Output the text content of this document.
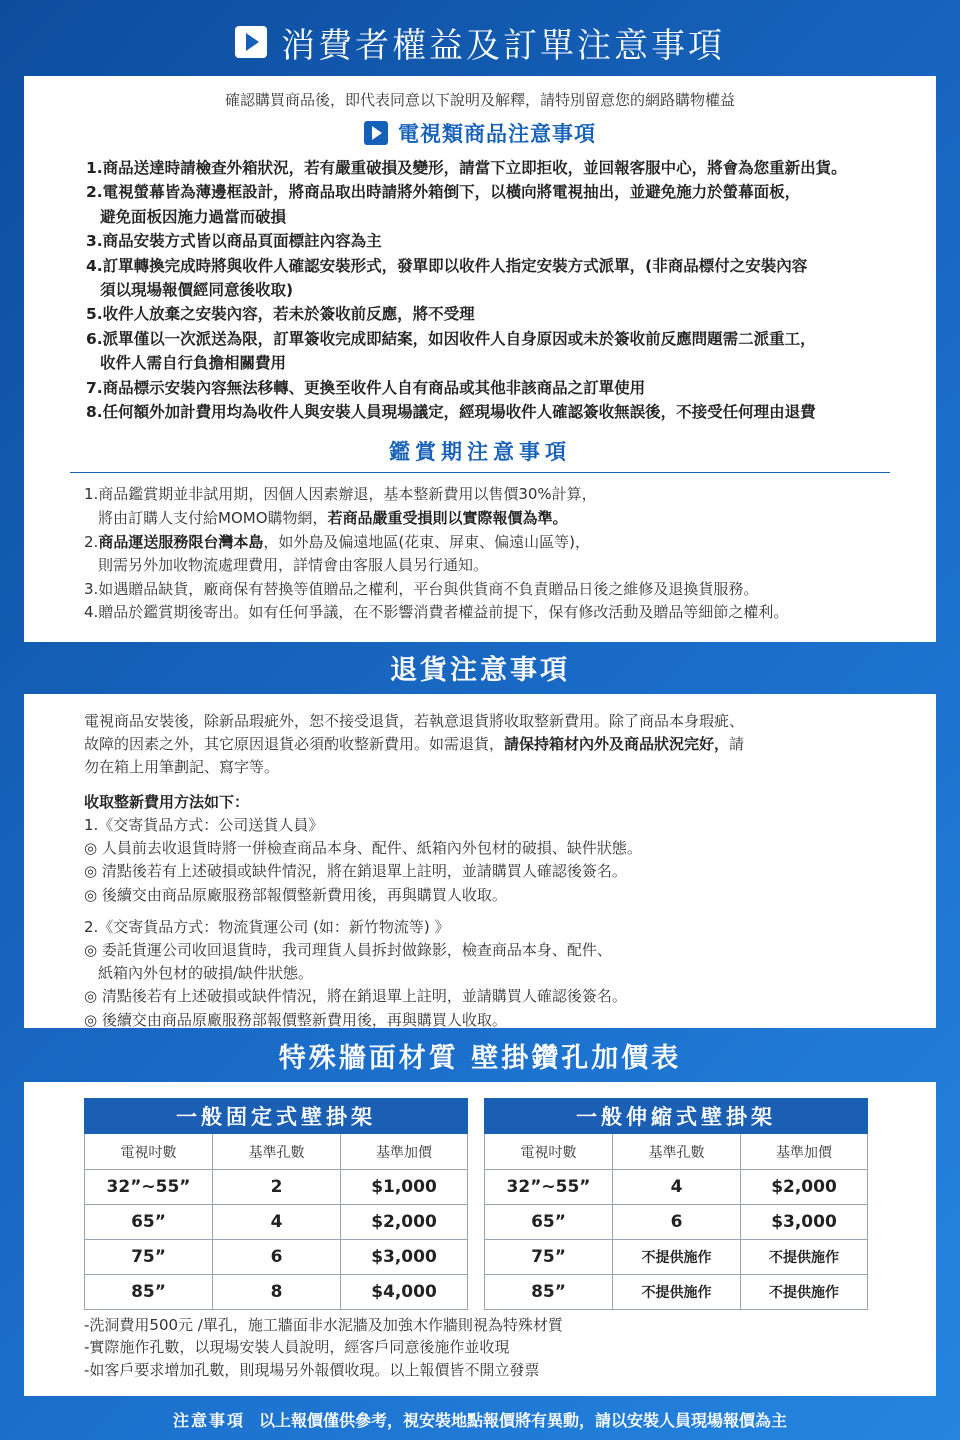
消費者權益及訂單注意事項
確認購買商品後，即代表同意以下說明及解釋，請特別留意您的網路購物權益
電視類商品注意事項
1.商品送達時請檢查外箱狀況，若有嚴重破損及變形，請當下立即拒收，並回報客服中心，將會為您重新出貨。
2.電視螢幕皆為薄邊框設計，將商品取出時請將外箱倒下，以橫向將電視抽出，並避免施力於螢幕面板，
避免面板因施力過當而破損
3.商品安裝方式皆以商品頁面標註內容為主
4.訂單轉換完成時將與收件人確認安裝形式，發單即以收件人指定安裝方式派單，(非商品標付之安裝內容
須以現場報價經同意後收取)
5.收件人放棄之安裝內容，若未於簽收前反應，將不受理
6.派單僅以一次派送為限，訂單簽收完成即結案，如因收件人自身原因或未於簽收前反應問題需二派重工，
收件人需自行負擔相關費用
7.商品標示安裝內容無法移轉、更換至收件人自有商品或其他非該商品之訂單使用
8.任何額外加計費用均為收件人與安裝人員現場議定，經現場收件人確認簽收無誤後，不接受任何理由退費
鑑賞期注意事項
1.商品鑑賞期並非試用期，因個人因素辦退，基本整新費用以售價30%計算，
將由訂購人支付給MOMO購物網，若商品嚴重受損則以實際報價為準。
2.商品運送服務限台灣本島，如外島及偏遠地區(花東、屏東、偏遠山區等)，
則需另外加收物流處理費用，詳情會由客服人員另行通知。
3.如遇贈品缺貨，廠商保有替換等值贈品之權利，平台與供貨商不負責贈品日後之維修及退換貨服務。
4.贈品於鑑賞期後寄出。如有任何爭議，在不影響消費者權益前提下，保有修改活動及贈品等細節之權利。
退貨注意事項
電視商品安裝後，除新品瑕疵外，恕不接受退貨，若執意退貨將收取整新費用。除了商品本身瑕疵、
故障的因素之外，其它原因退貨必須酌收整新費用。如需退貨，請保持箱材內外及商品狀況完好，請
勿在箱上用筆劃記、寫字等。
收取整新費用方法如下：
1.《交寄貨品方式：公司送貨人員》
◎ 人員前去收退貨時將一併檢查商品本身、配件、紙箱內外包材的破損、缺件狀態。
◎ 清點後若有上述破損或缺件情況，將在銷退單上註明，並請購買人確認後簽名。
◎ 後續交由商品原廠服務部報價整新費用後，再與購買人收取。
2.《交寄貨品方式：物流貨運公司 (如：新竹物流等) 》
◎ 委託貨運公司收回退貨時，我司理貨人員拆封做錄影，檢查商品本身、配件、
紙箱內外包材的破損/缺件狀態。
◎ 清點後若有上述破損或缺件情況，將在銷退單上註明，並請購買人確認後簽名。
◎ 後續交由商品原廠服務部報價整新費用後，再與購買人收取。
特殊牆面材質 壁掛鑽孔加價表
一般固定式壁掛架		
電視吋數	基準孔數	基準加價
32”~55”	2	$1,000
65”	4	$2,000
75”	6	$3,000
85”	8	$4,000
一般伸縮式壁掛架		
電視吋數	基準孔數	基準加價
32”~55”	4	$2,000
65”	6	$3,000
75”	不提供施作	不提供施作
85”	不提供施作	不提供施作
-洗洞費用500元 /單孔，施工牆面非水泥牆及加強木作牆則視為特殊材質
-實際施作孔數，以現場安裝人員說明，經客戶同意後施作並收現
-如客戶要求增加孔數，則現場另外報價收現。以上報價皆不開立發票
注意事項 以上報價僅供參考，視安裝地點報價將有異動，請以安裝人員現場報價為主
